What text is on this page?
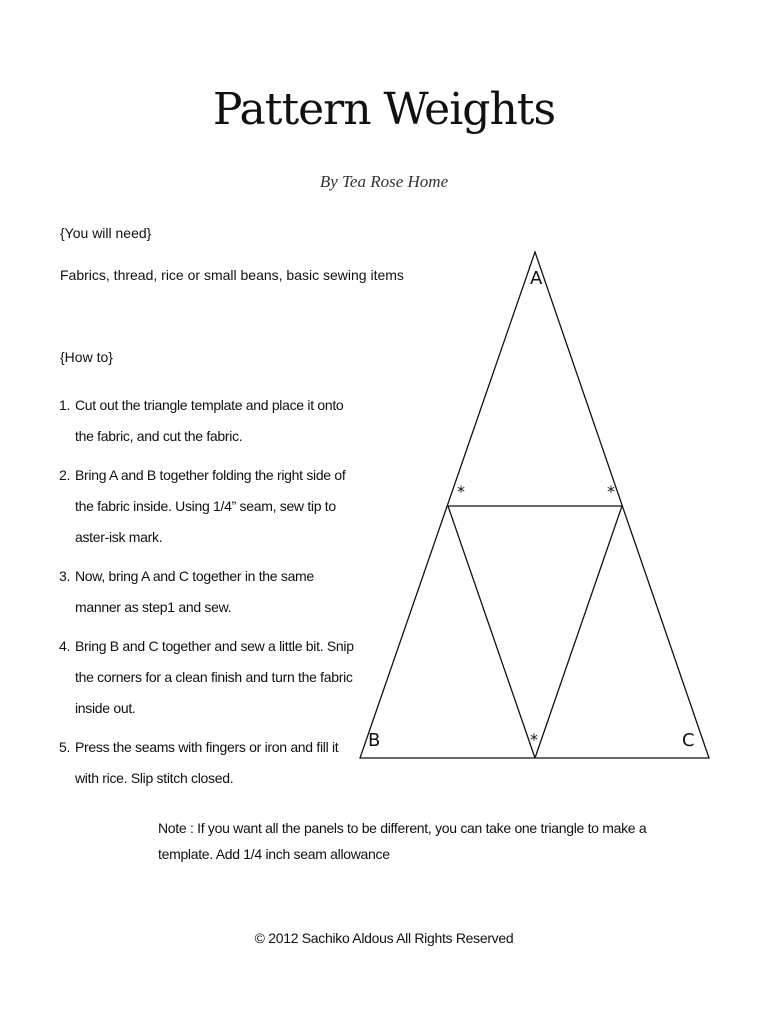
Pattern Weights
By Tea Rose Home
{You will need}
Fabrics, thread, rice or small beans, basic sewing items
{How to}
1. Cut out the triangle template and place it onto the fabric, and cut the fabric.
2. Bring A and B together folding the right side of the fabric inside. Using 1/4” seam, sew tip to aster-isk mark.
3. Now, bring A and C together in the same manner as step1 and sew.
4. Bring B and C together and sew a little bit. Snip the corners for a clean finish and turn the fabric inside out.
5. Press the seams with fingers or iron and fill it with rice. Slip stitch closed.
A
B	C
*	*
*
Note : If you want all the panels to be different, you can take one triangle to make a template. Add 1/4 inch seam allowance
© 2012 Sachiko Aldous All Rights Reserved
